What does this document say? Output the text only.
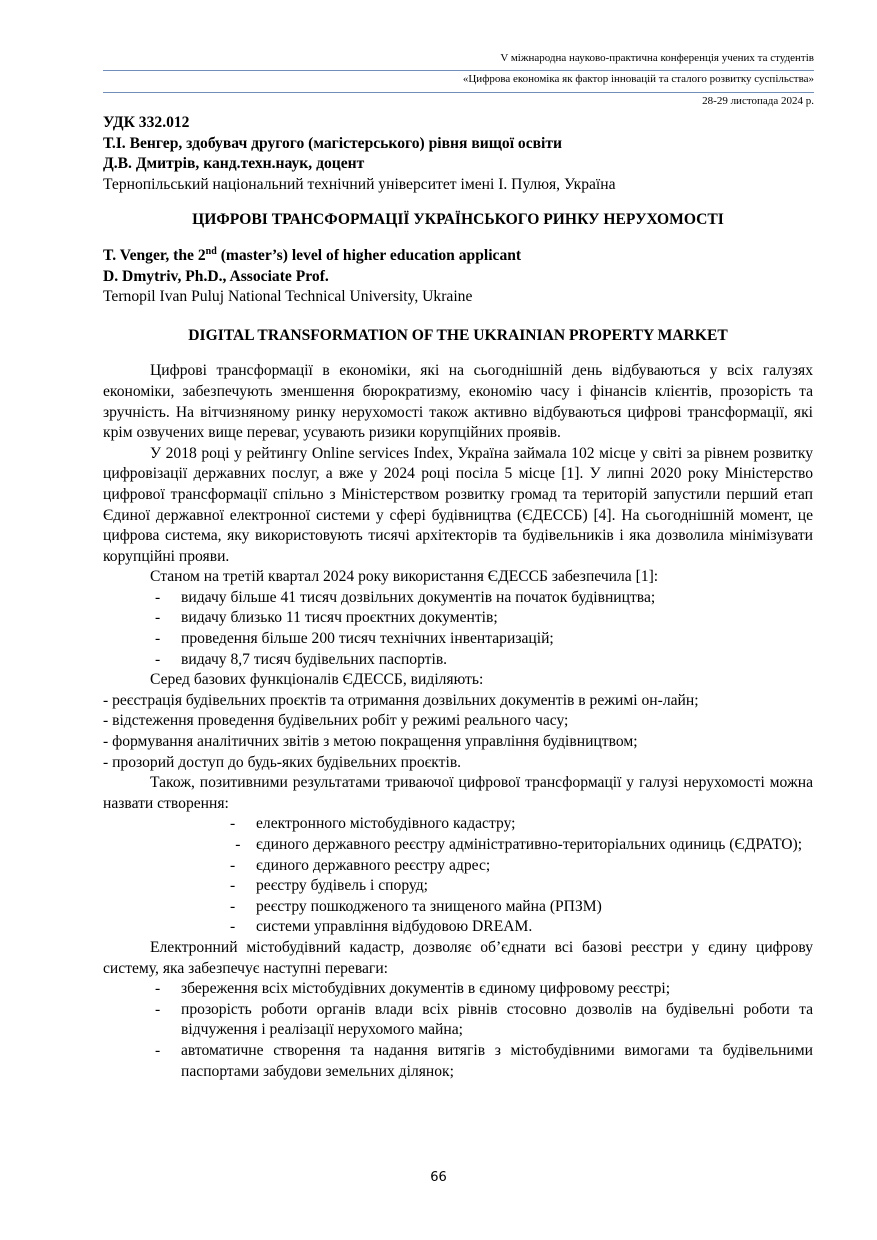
V міжнародна науково-практична конференція учених та студентів
«Цифрова економіка як фактор інновацій та сталого розвитку суспільства»
28-29 листопада 2024 р.
УДК 332.012
Т.І. Венгер, здобувач другого (магістерського) рівня вищої освіти
Д.В. Дмитрів, канд.техн.наук, доцент
Тернопільський національний технічний університет імені І. Пулюя, Україна
ЦИФРОВІ ТРАНСФОРМАЦІЇ УКРАЇНСЬКОГО РИНКУ НЕРУХОМОСТІ
T. Venger, the 2nd (master’s) level of higher education applicant
D. Dmytriv, Ph.D., Associate Prof.
Ternopil Ivan Puluj National Technical University, Ukraine
DIGITAL TRANSFORMATION OF THE UKRAINIAN PROPERTY MARKET
Цифрові трансформації в економіки, які на сьогоднішній день відбуваються у всіх галузях економіки, забезпечують зменшення бюрократизму, економію часу і фінансів клієнтів, прозорість та зручність. На вітчизняному ринку нерухомості також активно відбуваються цифрові трансформації, які крім озвучених вище переваг, усувають ризики корупційних проявів.
У 2018 році у рейтингу Online services Index, Україна займала 102 місце у світі за рівнем розвитку цифровізації державних послуг, а вже у 2024 році посіла 5 місце [1]. У липні 2020 року Міністерство цифрової трансформації спільно з Міністерством розвитку громад та територій запустили перший етап Єдиної державної електронної системи у сфері будівництва (ЄДЕССБ) [4]. На сьогоднішній момент, це цифрова система, яку використовують тисячі архітекторів та будівельників і яка дозволила мінімізувати корупційні прояви.
Станом на третій квартал 2024 року використання ЄДЕССБ забезпечила [1]:
- видачу більше 41 тисяч дозвільних документів на початок будівництва;
- видачу близько 11 тисяч проєктних документів;
- проведення більше 200 тисяч технічних інвентаризацій;
- видачу 8,7 тисяч будівельних паспортів.
Серед базових функціоналів ЄДЕССБ, виділяють:
- реєстрація будівельних проєктів та отримання дозвільних документів в режимі он-лайн;
- відстеження проведення будівельних робіт у режимі реального часу;
- формування аналітичних звітів з метою покращення управління будівництвом;
- прозорий доступ до будь-яких будівельних проєктів.
Також, позитивними результатами триваючої цифрової трансформації у галузі нерухомості можна назвати створення:
- електронного містобудівного кадастру;
- єдиного державного реєстру адміністративно-територіальних одиниць (ЄДРАТО);
- єдиного державного реєстру адрес;
- реєстру будівель і споруд;
- реєстру пошкодженого та знищеного майна (РПЗМ)
- системи управління відбудовою DREAM.
Електронний містобудівний кадастр, дозволяє об’єднати всі базові реєстри у єдину цифрову систему, яка забезпечує наступні переваги:
- збереження всіх містобудівних документів в єдиному цифровому реєстрі;
- прозорість роботи органів влади всіх рівнів стосовно дозволів на будівельні роботи та відчуження і реалізації нерухомого майна;
- автоматичне створення та надання витягів з містобудівними вимогами та будівельними паспортами забудови земельних ділянок;
66
